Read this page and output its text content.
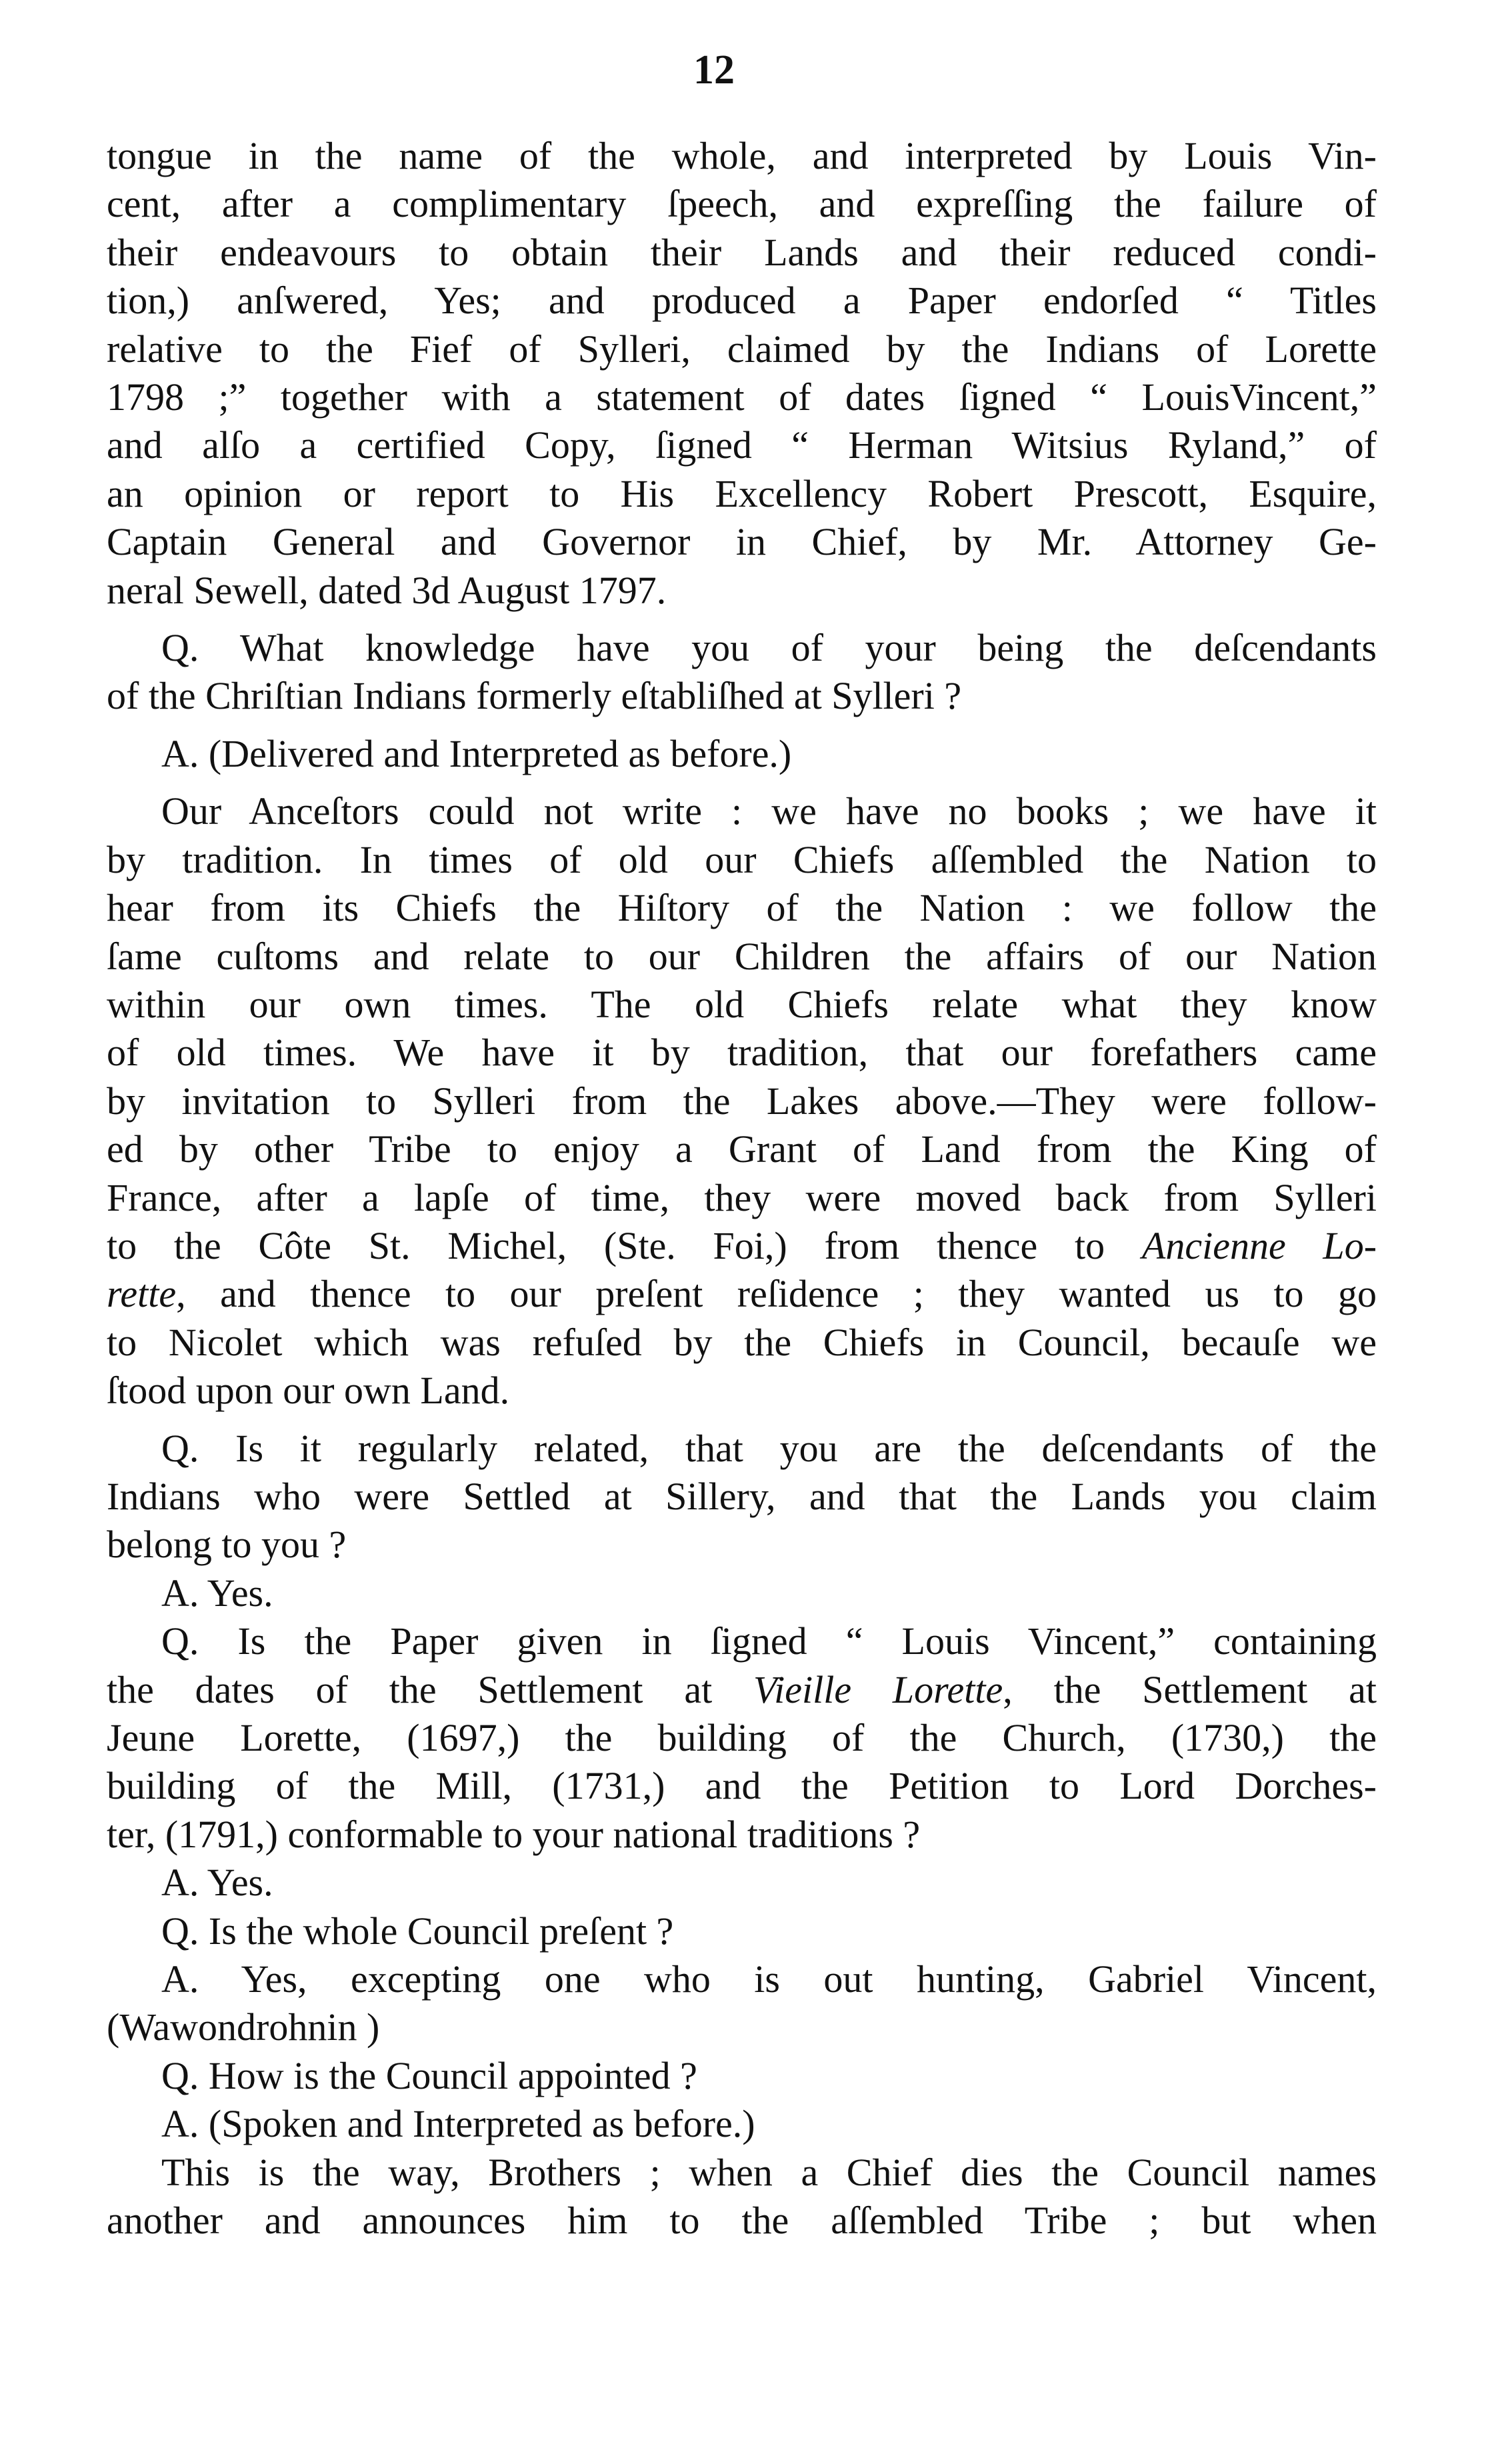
12
tongue in the name of the whole, and interpreted by Louis Vin-
cent, after a complimentary ſpeech, and expreſſing the failure of
their endeavours to obtain their Lands and their reduced condi-
tion,) anſwered, Yes; and produced a Paper endorſed “ Titles
relative to the Fief of Sylleri, claimed by the Indians of Lorette
1798 ;” together with a statement of dates ſigned “ LouisVincent,”
and alſo a certified Copy, ſigned “ Herman Witsius Ryland,” of
an opinion or report to His Excellency Robert Prescott, Esquire,
Captain General and Governor in Chief, by Mr. Attorney Ge-
neral Sewell, dated 3d August 1797.
Q. What knowledge have you of your being the deſcendants
of the Chriſtian Indians formerly eſtabliſhed at Sylleri ?
A. (Delivered and Interpreted as before.)
Our Anceſtors could not write : we have no books ; we have it
by tradition. In times of old our Chiefs aſſembled the Nation to
hear from its Chiefs the Hiſtory of the Nation : we follow the
ſame cuſtoms and relate to our Children the affairs of our Nation
within our own times. The old Chiefs relate what they know
of old times. We have it by tradition, that our forefathers came
by invitation to Sylleri from the Lakes above.—They were follow-
ed by other Tribe to enjoy a Grant of Land from the King of
France, after a lapſe of time, they were moved back from Sylleri
to the Côte St. Michel, (Ste. Foi,) from thence to Ancienne Lo-
rette, and thence to our preſent reſidence ; they wanted us to go
to Nicolet which was refuſed by the Chiefs in Council, becauſe we
ſtood upon our own Land.
Q. Is it regularly related, that you are the deſcendants of the
Indians who were Settled at Sillery, and that the Lands you claim
belong to you ?
A. Yes.
Q. Is the Paper given in ſigned “ Louis Vincent,” containing
the dates of the Settlement at Vieille Lorette, the Settlement at
Jeune Lorette, (1697,) the building of the Church, (1730,) the
building of the Mill, (1731,) and the Petition to Lord Dorches-
ter, (1791,) conformable to your national traditions ?
A. Yes.
Q. Is the whole Council preſent ?
A. Yes, excepting one who is out hunting, Gabriel Vincent,
(Wawondrohnin )
Q. How is the Council appointed ?
A. (Spoken and Interpreted as before.)
This is the way, Brothers ; when a Chief dies the Council names
another and announces him to the aſſembled Tribe ; but when
